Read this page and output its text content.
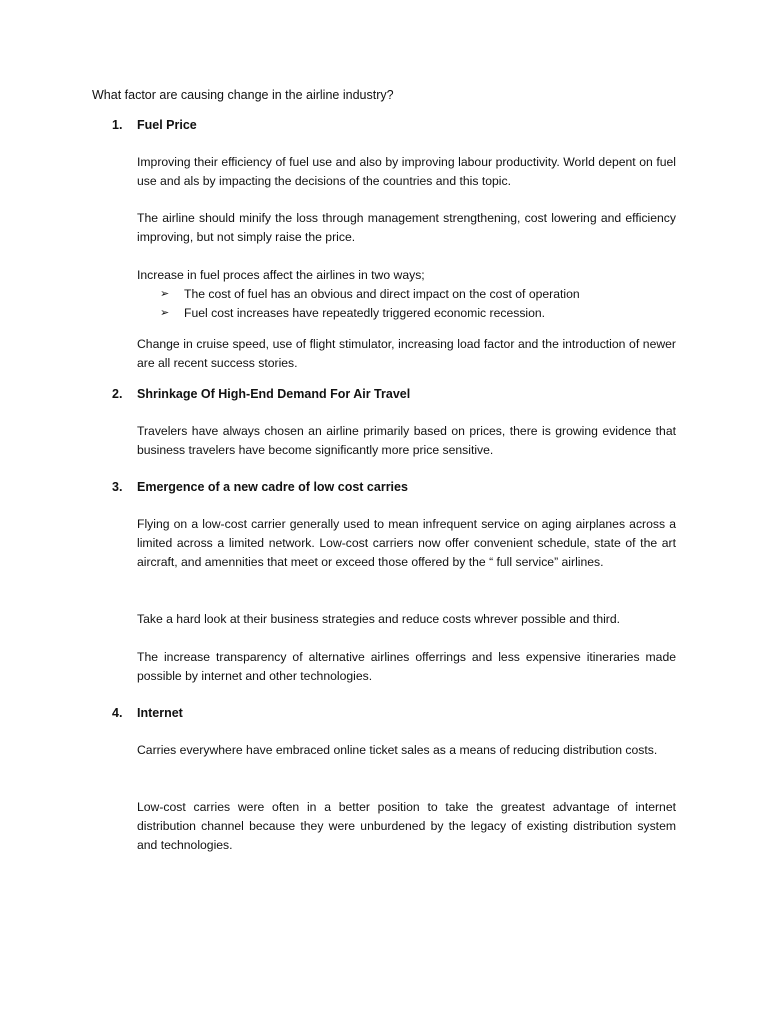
What factor are causing change in the airline industry?
1. Fuel Price
Improving their efficiency of fuel use and also by improving labour productivity. World depent on fuel use and als by impacting the decisions of the countries and this topic.
The airline should minify the loss through management strengthening, cost lowering and efficiency improving, but not simply raise the price.
Increase in fuel proces affect the airlines in two ways;
➢ The cost of fuel has an obvious and direct impact on the cost of operation
➢ Fuel cost increases have repeatedly triggered economic recession.
Change in cruise speed, use of flight stimulator, increasing load factor and the introduction of newer are all recent success stories.
2. Shrinkage Of High-End Demand For Air Travel
Travelers have always chosen an airline primarily based on prices, there is growing evidence that business travelers have become significantly more price sensitive.
3. Emergence of a new cadre of low cost carries
Flying on a low-cost carrier generally used to mean infrequent service on aging airplanes across a limited across a limited network. Low-cost carriers now offer convenient schedule, state of the art aircraft, and amennities that meet or exceed those offered by the “ full service” airlines.
Take a hard look at their business strategies and reduce costs whrever possible and third.
The increase transparency of alternative airlines offerrings and less expensive itineraries made possible by internet and other technologies.
4. Internet
Carries everywhere have embraced online ticket sales as a means of reducing distribution costs.
Low-cost carries were often in a better position to take the greatest advantage of internet distribution channel because they were unburdened by the legacy of existing distribution system and technologies.
